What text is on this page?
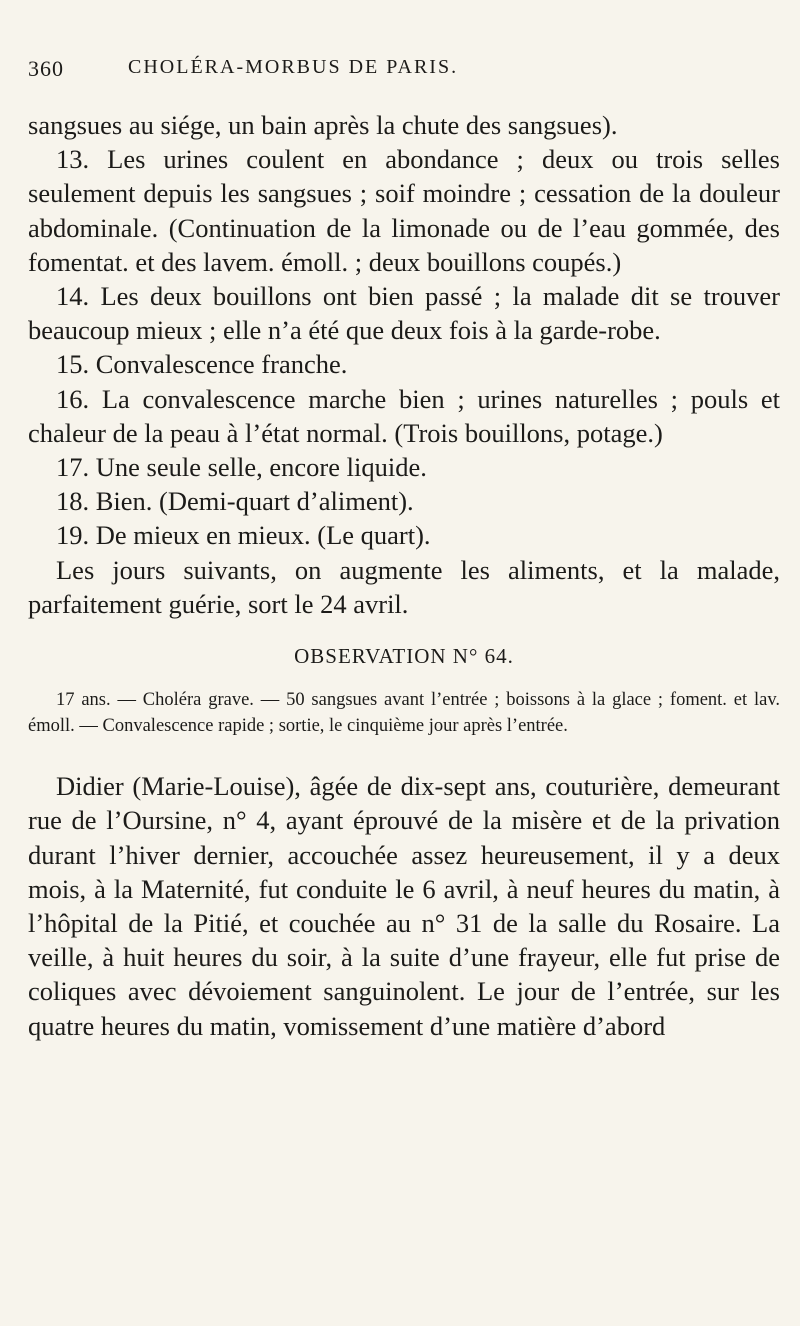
360	CHOLÉRA-MORBUS DE PARIS.

sangsues au siége, un bain après la chute des sangsues).

13. Les urines coulent en abondance ; deux ou trois selles seulement depuis les sangsues ; soif moindre ; cessation de la douleur abdominale. (Continuation de la limonade ou de l’eau gommée, des fomentat. et des lavem. émoll. ; deux bouillons coupés.)

14. Les deux bouillons ont bien passé ; la malade dit se trouver beaucoup mieux ; elle n’a été que deux fois à la garde-robe.

15. Convalescence franche.

16. La convalescence marche bien ; urines naturelles ; pouls et chaleur de la peau à l’état normal. (Trois bouillons, potage.)

17. Une seule selle, encore liquide.

18. Bien. (Demi-quart d’aliment).

19. De mieux en mieux. (Le quart).

Les jours suivants, on augmente les aliments, et la malade, parfaitement guérie, sort le 24 avril.

OBSERVATION N° 64.

17 ans. — Choléra grave. — 50 sangsues avant l’entrée ; boissons à la glace ; foment. et lav. émoll. — Convalescence rapide ; sortie, le cinquième jour après l’entrée.

Didier (Marie-Louise), âgée de dix-sept ans, couturière, demeurant rue de l’Oursine, n° 4, ayant éprouvé de la misère et de la privation durant l’hiver dernier, accouchée assez heureusement, il y a deux mois, à la Maternité, fut conduite le 6 avril, à neuf heures du matin, à l’hôpital de la Pitié, et couchée au n° 31 de la salle du Rosaire. La veille, à huit heures du soir, à la suite d’une frayeur, elle fut prise de coliques avec dévoiement sanguinolent. Le jour de l’entrée, sur les quatre heures du matin, vomissement d’une matière d’abord
